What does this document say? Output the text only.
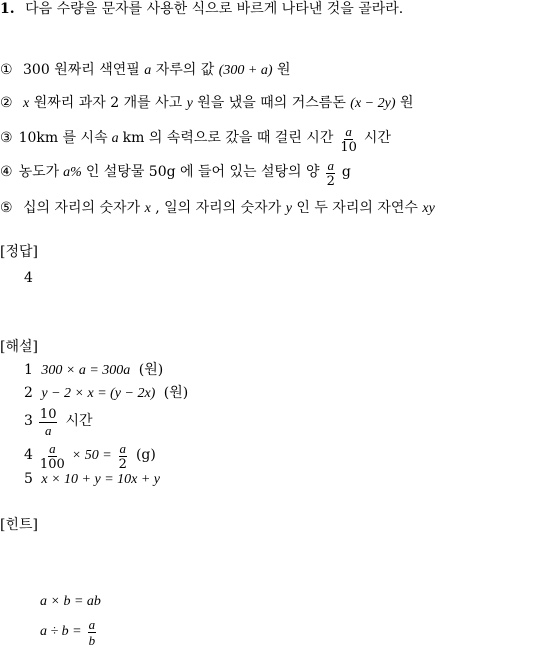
1. 다음 수량을 문자를 사용한 식으로 바르게 나타낸 것을 골라라.
① 300 원짜리 색연필 a 자루의 값 (300 + a) 원
② x 원짜리 과자 2 개를 사고 y 원을 냈을 때의 거스름돈 (x − 2y) 원
③ 10km 를 시속 a km 의 속력으로 갔을 때 걸린 시간 $\frac{a}{10}$ 시간
④ 농도가 a% 인 설탕물 50g 에 들어 있는 설탕의 양 $\frac{a}{2}$ g
⑤ 십의 자리의 숫자가 x , 일의 자리의 숫자가 y 인 두 자리의 자연수 xy
[정답]
4
[해설]
1 300 × a = 300a (원)
2 y − 2 × x = (y − 2x) (원)
$3 \frac{10}{a}$ 시간
$4 \frac{a}{100} \times 50 = \frac{a}{2} (g)$
5 x × 10 + y = 10x + y
[힌트]
a × b = ab
$a \div b = \frac{a}{b}$
